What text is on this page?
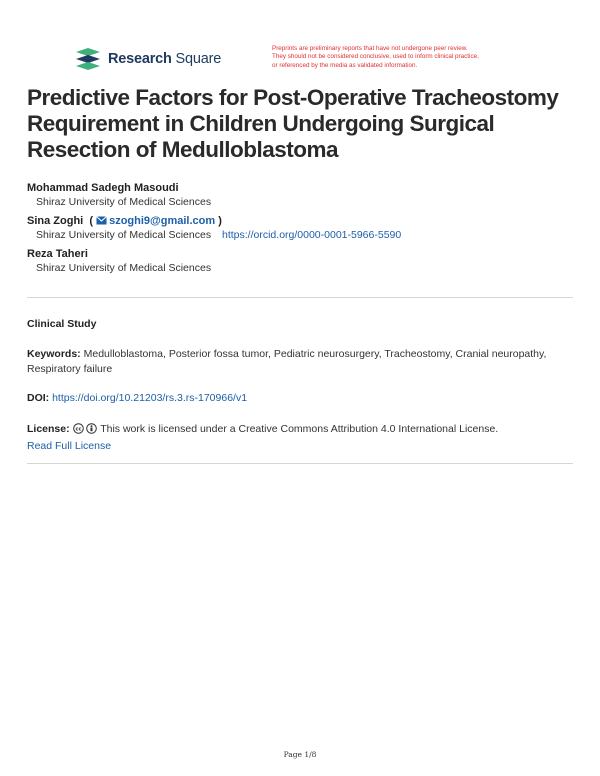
Research Square
Preprints are preliminary reports that have not undergone peer review.
They should not be considered conclusive, used to inform clinical practice,
or referenced by the media as validated information.
Predictive Factors for Post-Operative Tracheostomy Requirement in Children Undergoing Surgical Resection of Medulloblastoma
Mohammad Sadegh Masoudi
Shiraz University of Medical Sciences
Sina Zoghi  ( szoghi9@gmail.com )
Shiraz University of Medical Sciences https://orcid.org/0000-0001-5966-5590
Reza Taheri
Shiraz University of Medical Sciences
Clinical Study
Keywords: Medulloblastoma, Posterior fossa tumor, Pediatric neurosurgery, Tracheostomy, Cranial neuropathy, Respiratory failure
DOI: https://doi.org/10.21203/rs.3.rs-170966/v1
License: cc This work is licensed under a Creative Commons Attribution 4.0 International License.
Read Full License
Page 1/8
